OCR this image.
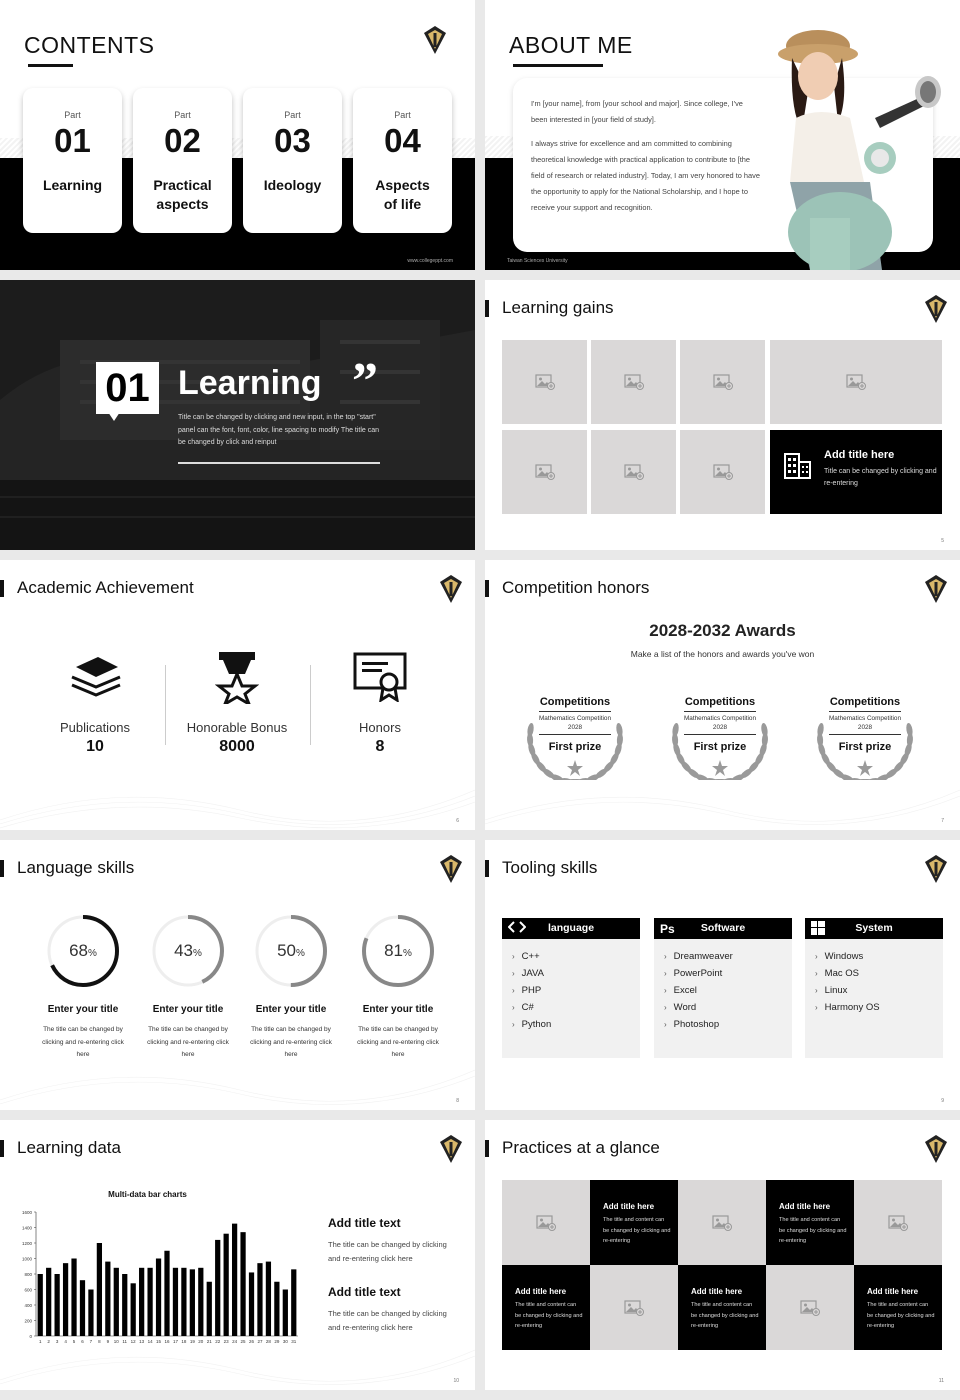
CONTENTS
Part
01
Learning
Part
02
Practical
aspects
Part
03
Ideology
Part
04
Aspects
of life
www.collegeppt.com
ABOUT ME
I'm [your name], from [your school and major]. Since college, I've been interested in [your field of study].
I always strive for excellence and am committed to combining theoretical knowledge with practical application to contribute to [the field of research or related industry]. Today, I am very honored to have the opportunity to apply for the National Scholarship, and I hope to receive your support and recognition.
Taiwan Sciences University
01 Learning ”
Title can be changed by clicking and new input, in the top "start" panel can the font, font, color, line spacing to modify The title can be changed by click and reinput
Learning gains
Add title here
Title can be changed by clicking and re-entering
5
Academic Achievement
Publications
10
Honorable Bonus
8000
Honors
8
6
Competition honors
2028-2032 Awards
Make a list of the honors and awards you've won
Competitions
Mathematics Competition
2028
First prize
Competitions
Mathematics Competition
2028
First prize
Competitions
Mathematics Competition
2028
First prize
7
Language skills
68%
Enter your title
The title can be changed by clicking and re-entering click here
43%
Enter your title
The title can be changed by clicking and re-entering click here
50%
Enter your title
The title can be changed by clicking and re-entering click here
81%
Enter your title
The title can be changed by clicking and re-entering click here
8
Tooling skills
language
› C++
› JAVA
› PHP
› C#
› Python
Ps	Software
› Dreamweaver
› PowerPoint
› Excel
› Word
› Photoshop
System
› Windows
› Mac OS
› Linux
› Harmony OS
9
Learning data
Multi-data bar charts
0
200
400
600
800
1000
1200
1400
1600
1 2 3 4 5 6 7 8 9 10 11 12 13 14 15 16 17 18 19 20 21 22 23 24 25 26 27 28 29 30 31
Add title text
The title can be changed by clicking and re-entering click here
Add title text
The title can be changed by clicking and re-entering click here
10
Practices at a glance
Add title here
The title and content can be changed by clicking and re-entering
Add title here
The title and content can be changed by clicking and re-entering
Add title here
The title and content can be changed by clicking and re-entering
Add title here
The title and content can be changed by clicking and re-entering
Add title here
The title and content can be changed by clicking and re-entering
11
